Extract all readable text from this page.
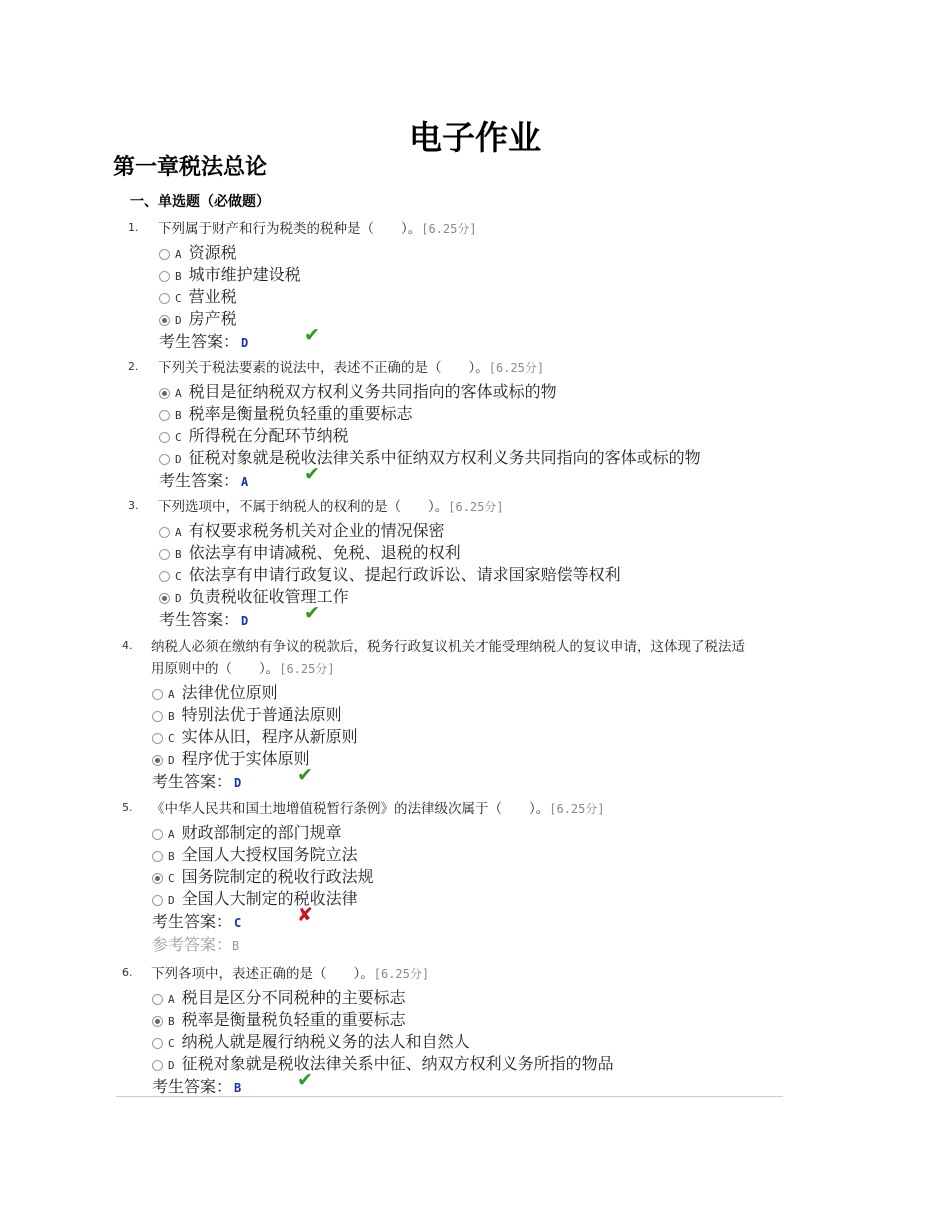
电子作业
第一章税法总论
一、单选题（必做题）
1. 下列属于财产和行为税类的税种是（　　）。[6.25分]
A 资源税
B 城市维护建设税
C 营业税
D 房产税
考生答案： D	✔
2. 下列关于税法要素的说法中，表述不正确的是（　　）。[6.25分]
A 税目是征纳税双方权利义务共同指向的客体或标的物
B 税率是衡量税负轻重的重要标志
C 所得税在分配环节纳税
D 征税对象就是税收法律关系中征纳双方权利义务共同指向的客体或标的物
考生答案： A	✔
3. 下列选项中，不属于纳税人的权利的是（　　）。[6.25分]
A 有权要求税务机关对企业的情况保密
B 依法享有申请减税、免税、退税的权利
C 依法享有申请行政复议、提起行政诉讼、请求国家赔偿等权利
D 负责税收征收管理工作
考生答案： D	✔
4. 纳税人必须在缴纳有争议的税款后，税务行政复议机关才能受理纳税人的复议申请，这体现了税法适
用原则中的（　　）。[6.25分]
A 法律优位原则
B 特别法优于普通法原则
C 实体从旧，程序从新原则
D 程序优于实体原则
考生答案： D	✔
5. 《中华人民共和国土地增值税暂行条例》的法律级次属于（　　）。[6.25分]
A 财政部制定的部门规章
B 全国人大授权国务院立法
C 国务院制定的税收行政法规
D 全国人大制定的税收法律
考生答案： C	✘
参考答案：B
6. 下列各项中，表述正确的是（　　）。[6.25分]
A 税目是区分不同税种的主要标志
B 税率是衡量税负轻重的重要标志
C 纳税人就是履行纳税义务的法人和自然人
D 征税对象就是税收法律关系中征、纳双方权利义务所指的物品
考生答案： B	✔
